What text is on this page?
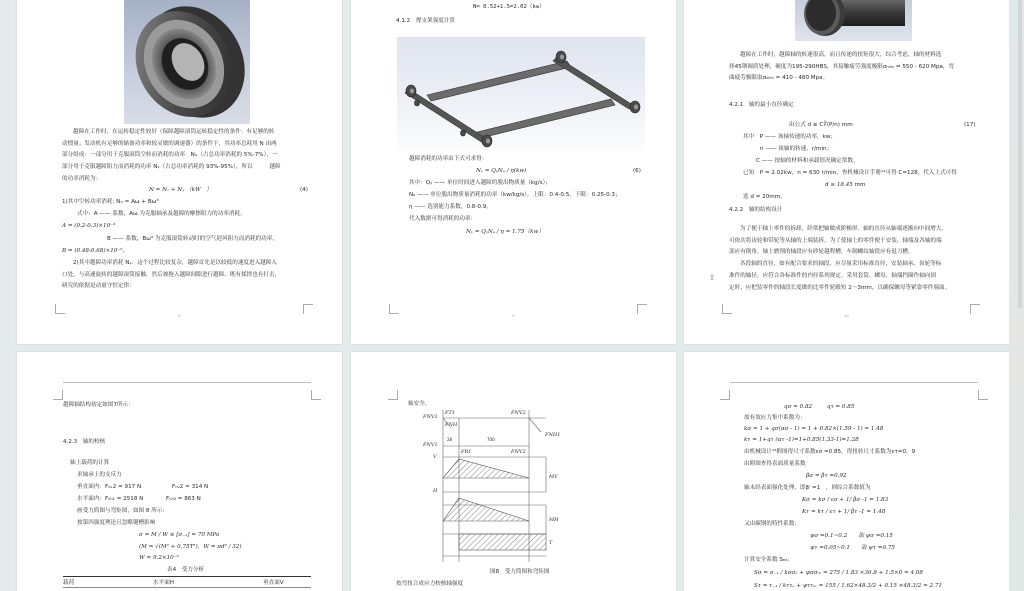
越障在工作时，在运转稳定性较好（保障越障滚筒运转稳定性的条件：有足够的转
动惯量；发动机有足够的储备功率和较灵敏的调速器）的条件下，其功率总耗用 N 由两
部分组成：一部分用于克服滚筒空转而消耗的功率　Nₓ（占总功率消耗的 5%-7%），一
部分用于克服越障阻力而消耗的功率 Nᵧ（占总功率消耗的 93%-95%），所以　　　越障
的功率消耗为：
N = Nₓ + Nᵧ （kW　）	(4)
1)其中空转功率消耗: Nₓ = Aω + Bω³
式中：A —— 系数，Aω 为克服轴承及越障的摩擦阻力的功率消耗，
A = (0.2-0.3)×10⁻³
B —— 系数，Bω³ 为克服滚筒转动时的空气迎风阻力而消耗的功率，
B = (0.48-0.68)×10⁻⁶。
2)其中越障功率消耗 Nᵧ：这个过程比较复杂，越障首先是以较低的速度进入越障入
口处，与高速旋转的越障滚筒接触，然后被拖入越障间隙进行越障，既有揉搓也有打击，
研究的依据是动量守恒定律：
8
N= 0.52+1.5=2.02（kw）
4.1.2　撑支架强度计算
越障消耗的功率由下式可求得：
Nᵧ = QᵧNₑ / η(kw)	(6)
其中：Qᵧ —— 单位时间进入越障的脱出物质量（kg/s）；
Nₑ —— 单位脱出物质量消耗的功率（kw/kg/s）。上限：0.4-0.5，下限：0.25-0.3；
η —— 选别能力系数，0.8-0.9。
代入数据可得消耗的功率：
Nᵧ = QᵧNₑ / η = 1.75（kw）
9
越障在工作时，越障轴的转速很高，而且传递的扭矩很大，综合考虑，轴的材料选
择45钢调质处理，硬度为195-290HBS，其接触疲劳强度极限σₕₗᵢₘ = 550 - 620 Mpa，弯
曲疲劳极限取σₒₗᵢₘ = 410 - 480 Mpa。
4.2.1　轴的最小直径确定
由公式 d ≥ C∛(P/n) mm	(17)
其中　P —— 该轴传递的功率，kw；
n —— 该轴的转速，r/min；
C —— 按轴的材料和承载情况确定常数。
已知　P = 2.02kw，n = 630 r/min，查机械设计手册¹⁴可得 C=128，代入上式可得
d ≥ 18.45 mm
选 d = 20mm。
4.2.2　轴的结构设计
为了便于轴上零件的拆卸，经常把轴做成阶梯形。轴的直径从轴端逐渐向中间增大。
可依次将齿轮和带轮等从轴的上端装拆。为了使轴上的零件便于安装，轴端及各轴的端
部应有倒角。轴上磨削的轴段应有砂轮越程槽，车制螺纹轴段应有退刀槽。
各段轴的直径，如有配合要求的轴段，应尽量采用标准直径，安装轴承、齿轮等标
准件的轴径，应符合各标准件的内径系列规定。采用套筒、螺母、轴端挡圈作轴向固
定时，应把装零件的轴段长度做的比零件轮毂短 2～3mm，以确保螺母等紧靠零件端面。
⁞⁞
10
越障轴结构初定如图7所示：
4.2.3　轴的校核
轴上载荷的计算
求轴承上的支反力
垂直面内：Fₙᵥ2 = 917 N	Fₙᵥ2 = 314 N
水平面内：Fₙₕ₁ = 2518 N	Fₙₕ₂ = 863 N
画受力简图与弯矩图，如图 8 所示：
按第四强度理论且忽略键槽影响
σ = M / W ≤ [σ₋₁] = 70 MPa
(M = √(M² + 0.75T²)，W = πd³ / 32)
W = 9.2×10⁻⁶
表4　受力分析
载荷	水平面H	垂直面V
轴安全。
FNV1
FT1	FNV2
FNH
FNH1
28	700
FNV1
FR1	FNV2
V
MV
H
MH
T
图8　受力简图和弯矩图
按弯扭合成应力校核轴强度
qσ = 0.82	qτ = 0.85
故有效应力集中系数为：
kσ = 1 + qσ(ασ - 1) = 1 + 0.82×(1.59 - 1) = 1.48
kτ = 1+qτ (ατ -1)=1+0.85(1.33-1)=1.28
由机械设计¹⁴附图得尺寸系数εσ =0.85，得扭转尺寸系数为ετ=0．9
由附图查得表面质量系数
βσ = βτ =0.92
轴未经表面强化处理，即βⁱ =1　，则综合系数值为
Kσ = kσ / εσ + 1/ βσ -1 = 1.83
Kτ = kτ / ετ + 1/ βτ -1 = 1.48
又由碳钢的特性系数：
ψσ =0.1~0.2　　取 ψσ =0.15
ψτ =0.05~0.1　　取 ψτ =0.75
计算安全系数 Sₑₐ：
Sσ = σ₋₁ / kσσₐ + ψσσₘ = 275 / 1.83 ×36.8 + 1.5×0 = 4.08
Sτ = τ₋₁ / kττₐ + ψττₘ = 155 / 1.62×48.3/2 + 0.15 ×48.3/2 = 2.71
